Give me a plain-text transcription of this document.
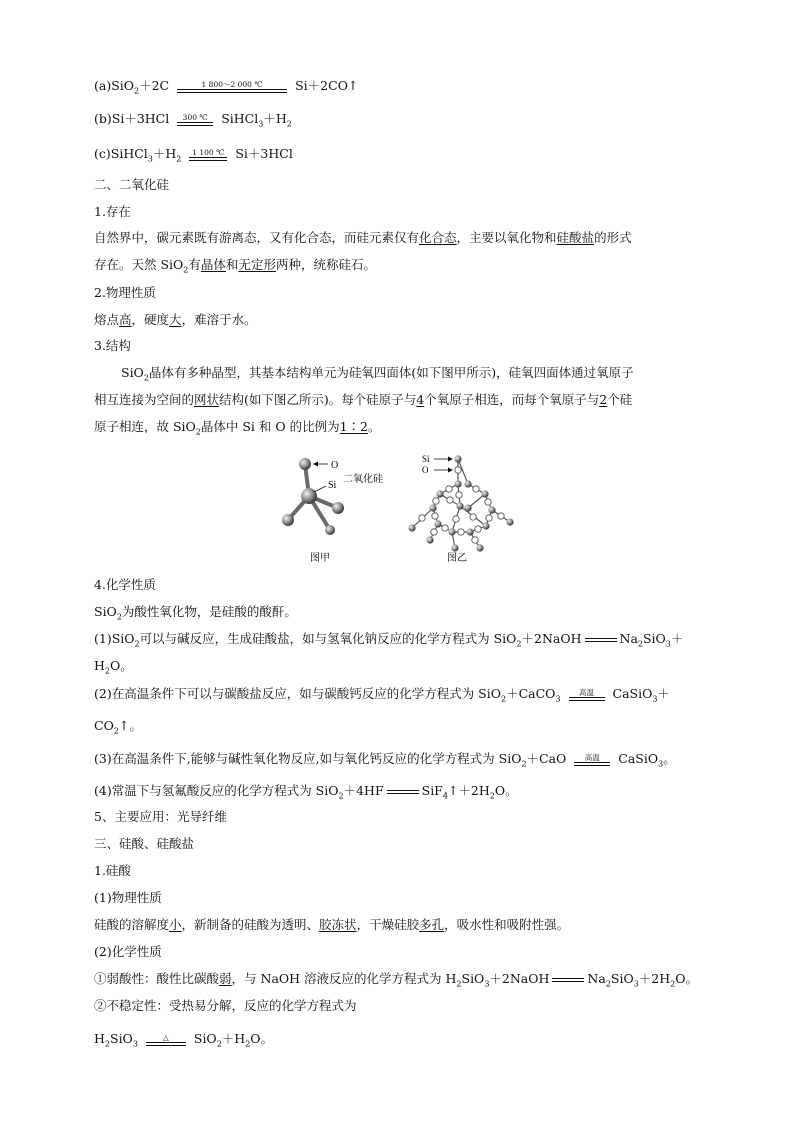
(a)SiO$_2$＋2C	1 800～2 000 ℃	Si＋2CO↑
(b)Si＋3HCl	300 ℃	$SiHCl_3+H_2$
$(c)SiHCl_3+H_2$
1 100 ℃ Si＋3HCl
二、二氧化硅
1.存在
自然界中，碳元素既有游离态，又有化合态，而硅元素仅有化合态，主要以氧化物和硅酸盐的形式
存在。天然 SiO$_2$有晶体和无定形两种，统称硅石。
2.物理性质
熔点高，硬度大，难溶于水。
3.结构
SiO$_2$晶体有多种晶型，其基本结构单元为硅氧四面体(如下图甲所示)，硅氧四面体通过氧原子
相互连接为空间的网状结构(如下图乙所示)。每个硅原子与4个氧原子相连，而每个氧原子与2个硅
原子相连，故 SiO$_2$晶体中 Si 和 O 的比例为1∶2。
O
Si
二氧化硅
图甲
Si
O
图乙
4.化学性质
SiO$_2$为酸性氧化物，是硅酸的酸酐。
(1)SiO$_2$可以与碱反应，生成硅酸盐，如与氢氧化钠反应的化学方程式为 SiO$_2$＋2NaOH	$Na_2SiO_3+$
$H_2O$。
(2)在高温条件下可以与碳酸盐反应，如与碳酸钙反应的化学方程式为 SiO$_2$＋CaCO$_3$
高温	CaSiO$_3$＋
$CO_2↑$。
(3)在高温条件下,能够与碱性氧化物反应,如与氧化钙反应的化学方程式为 SiO$_2$＋CaO	高温	CaSiO$_3$。
(4)常温下与氢氟酸反应的化学方程式为 SiO$_2$＋4HF	$SiF_4↑+2H_2O$。
5、主要应用：光导纤维
三、硅酸、硅酸盐
1.硅酸
(1)物理性质
硅酸的溶解度小，新制备的硅酸为透明、胶冻状，干燥硅胶多孔，吸水性和吸附性强。
(2)化学性质
①弱酸性：酸性比碳酸弱，与 NaOH 溶液反应的化学方程式为 $H_2SiO_3+2NaOH$	$Na_2SiO_3+2H_2O$。
②不稳定性：受热易分解，反应的化学方程式为
$H_2SiO_3$
△	$SiO_2+H_2O$。
